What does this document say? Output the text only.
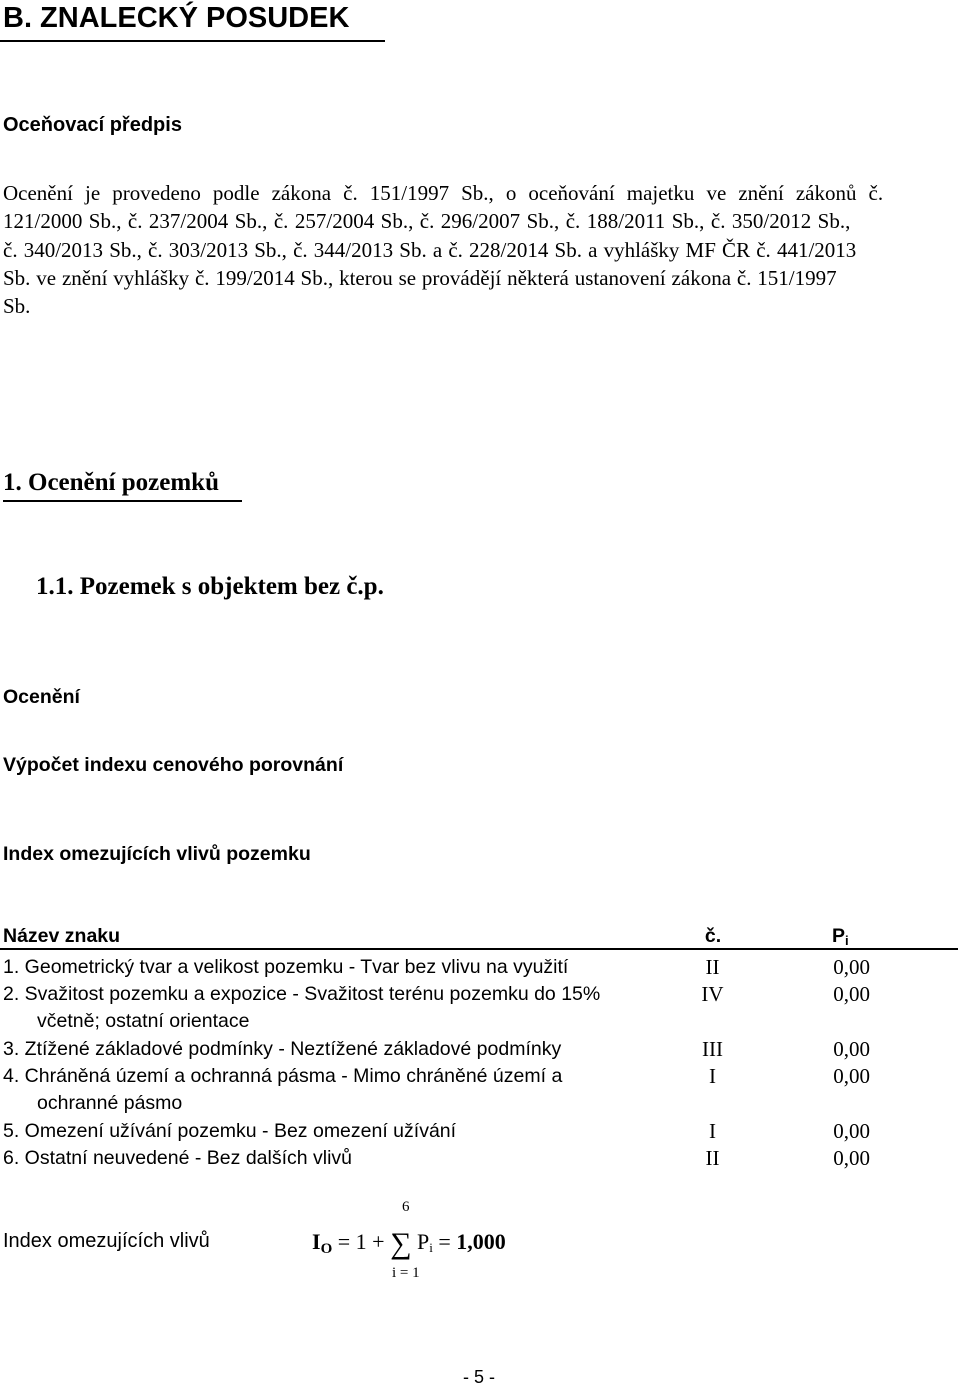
B. ZNALECKÝ POSUDEK
Oceňovací předpis
Ocenění je provedeno podle zákona č. 151/1997 Sb., o oceňování majetku ve znění zákonů č.
121/2000 Sb., č. 237/2004 Sb., č. 257/2004 Sb., č. 296/2007 Sb., č. 188/2011 Sb., č. 350/2012 Sb.,
č. 340/2013 Sb., č. 303/2013 Sb., č. 344/2013 Sb. a č. 228/2014 Sb. a vyhlášky MF ČR č. 441/2013
Sb. ve znění vyhlášky č. 199/2014 Sb., kterou se provádějí některá ustanovení zákona č. 151/1997
Sb.
1. Ocenění pozemků
1.1. Pozemek s objektem bez č.p.
Ocenění
Výpočet indexu cenového porovnání
Index omezujících vlivů pozemku
Název znaku	č.	$P_i$
1. Geometrický tvar a velikost pozemku - Tvar bez vlivu na využití	II	0,00
2. Svažitost pozemku a expozice - Svažitost terénu pozemku do 15%
včetně; ostatní orientace
IV	0,00
3. Ztížené základové podmínky - Neztížené základové podmínky	III	0,00
4. Chráněná území a ochranná pásma - Mimo chráněné území a
ochranné pásmo
I	0,00
5. Omezení užívání pozemku - Bez omezení užívání	I	0,00
6. Ostatní neuvedené - Bez dalších vlivů	II	0,00
Index omezujících vlivů
6
$I_O = 1$ + ∑ $P_i = 1,000$
i = 1
- 5 -
